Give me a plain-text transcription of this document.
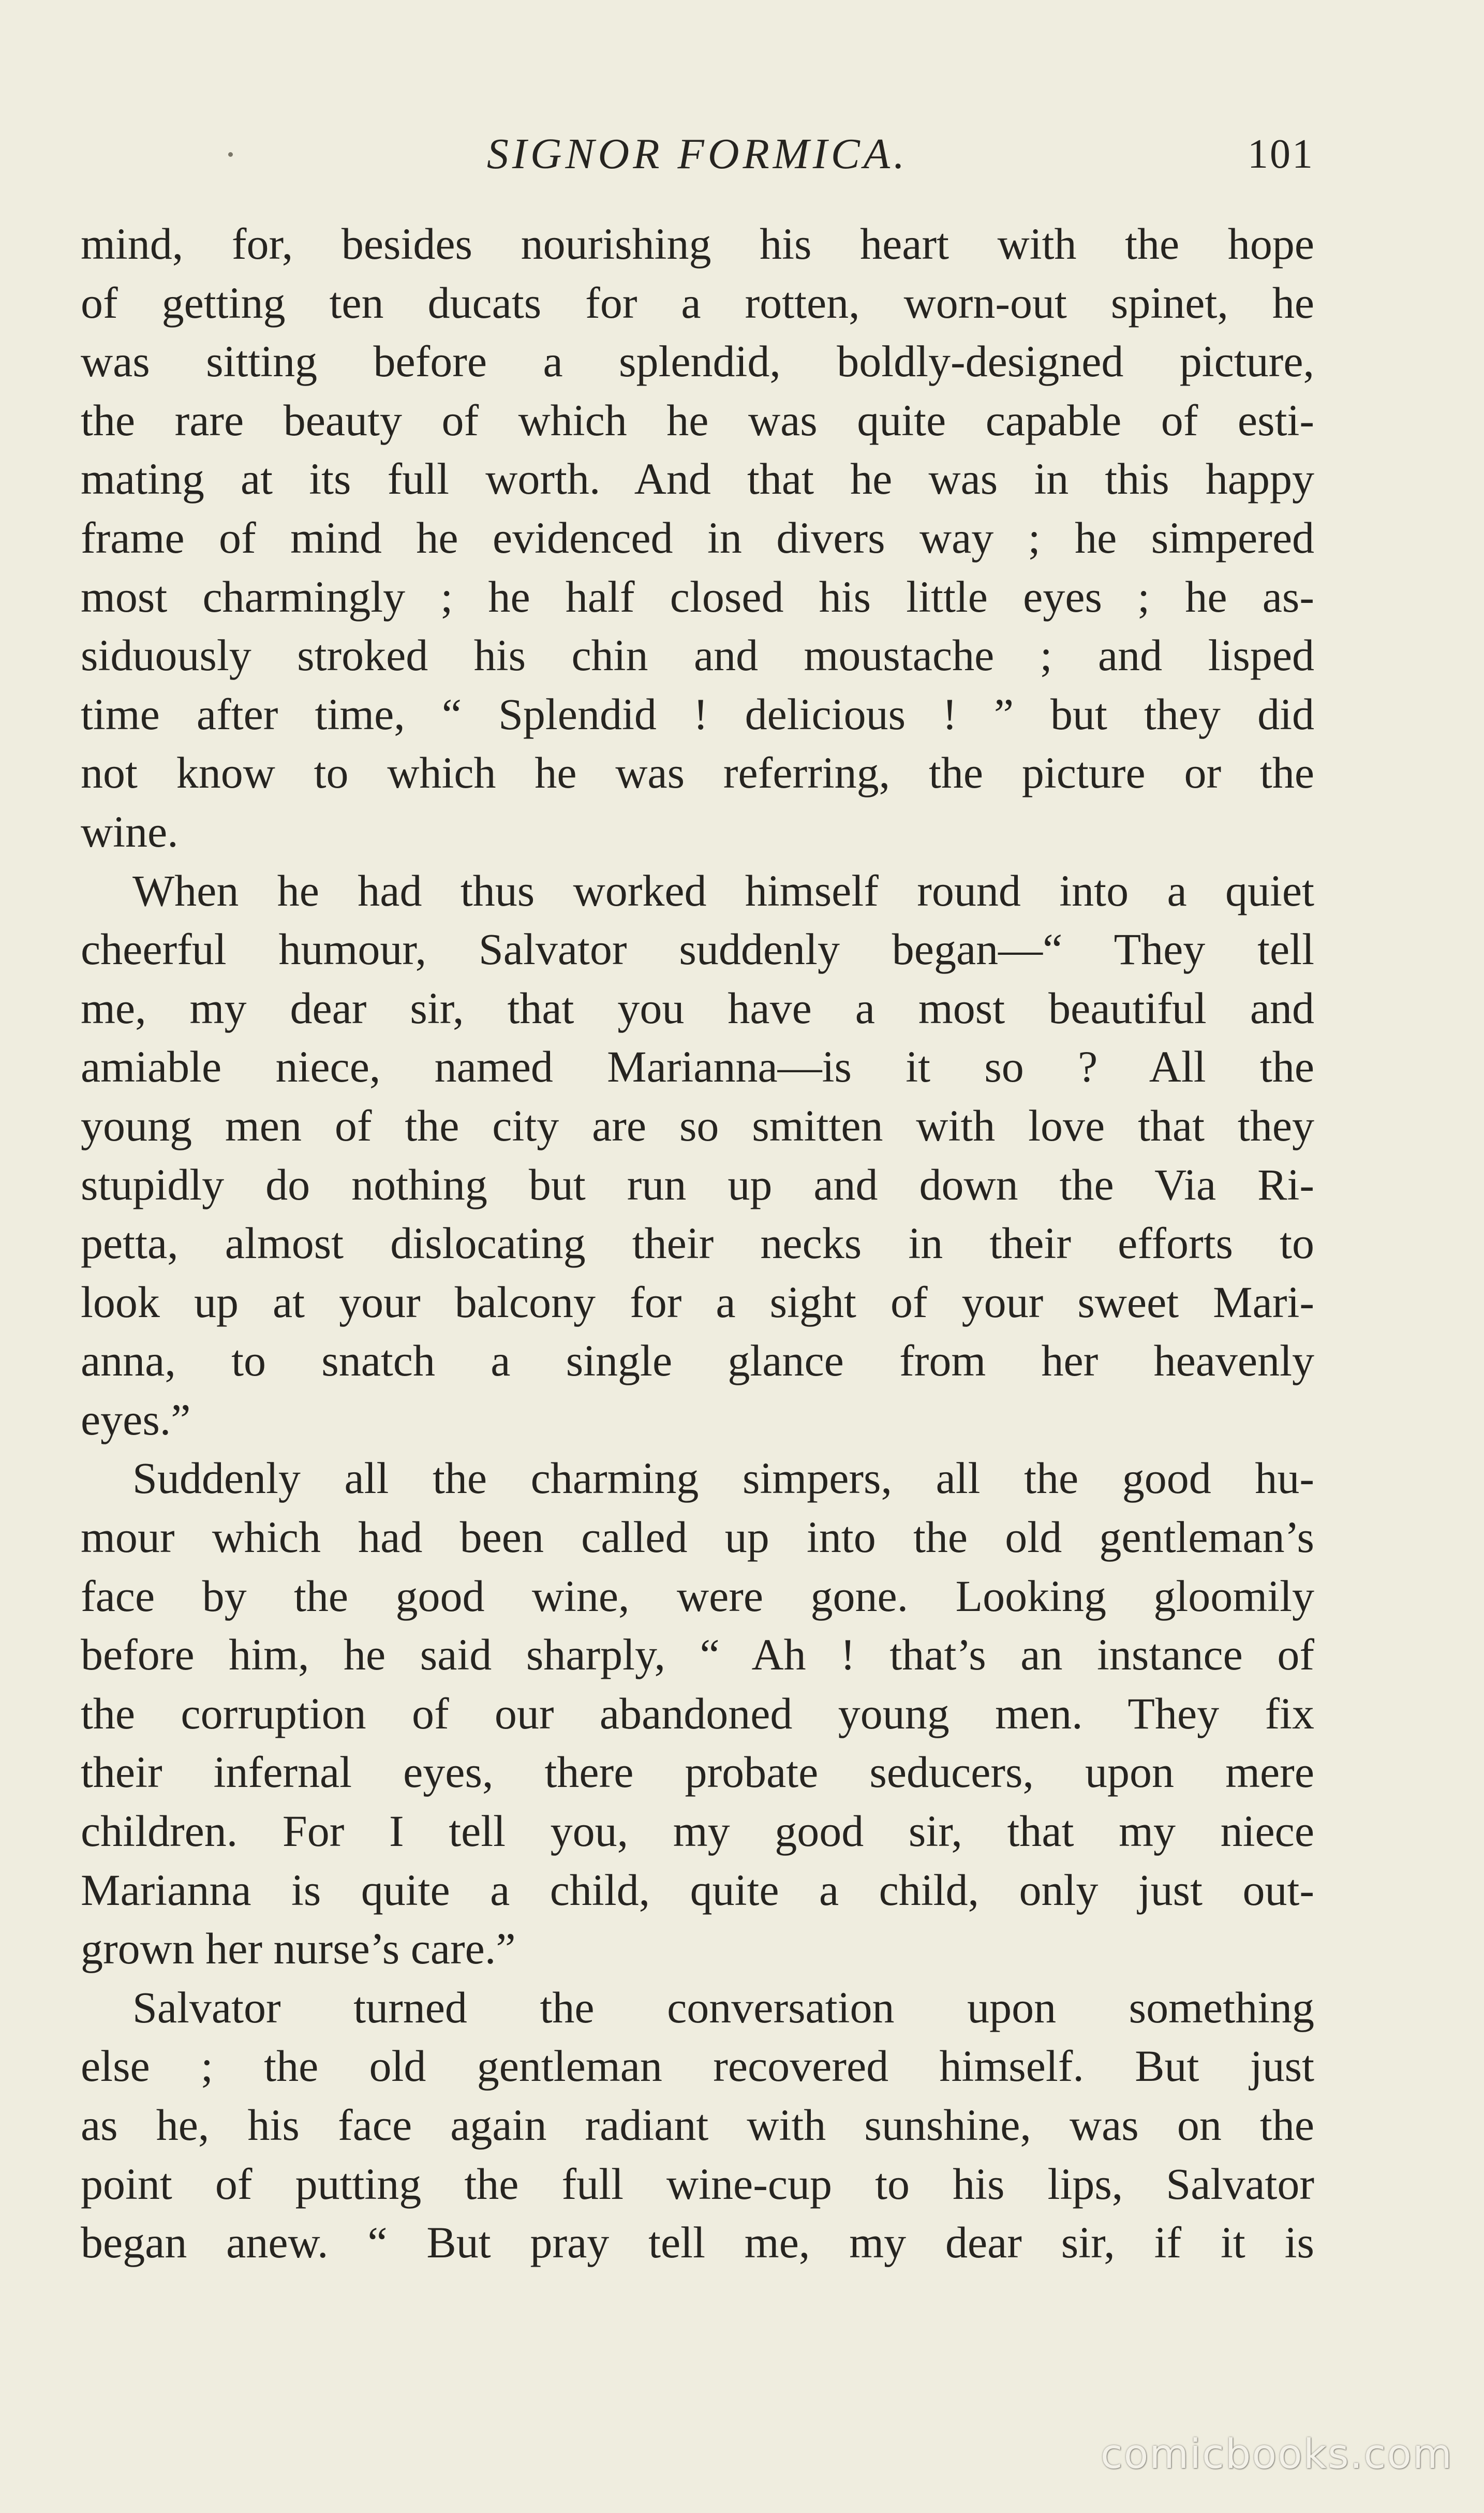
SIGNOR FORMICA.	101
mind, for, besides nourishing his heart with the hope
of getting ten ducats for a rotten, worn-out spinet, he
was sitting before a splendid, boldly-designed picture,
the rare beauty of which he was quite capable of esti-
mating at its full worth. And that he was in this happy
frame of mind he evidenced in divers way ; he simpered
most charmingly ; he half closed his little eyes ; he as-
siduously stroked his chin and moustache ; and lisped
time after time, “ Splendid ! delicious ! ” but they did
not know to which he was referring, the picture or the
wine.
When he had thus worked himself round into a quiet
cheerful humour, Salvator suddenly began—“ They tell
me, my dear sir, that you have a most beautiful and
amiable niece, named Marianna—is it so ? All the
young men of the city are so smitten with love that they
stupidly do nothing but run up and down the Via Ri-
petta, almost dislocating their necks in their efforts to
look up at your balcony for a sight of your sweet Mari-
anna, to snatch a single glance from her heavenly
eyes.”
Suddenly all the charming simpers, all the good hu-
mour which had been called up into the old gentleman’s
face by the good wine, were gone. Looking gloomily
before him, he said sharply, “ Ah ! that’s an instance of
the corruption of our abandoned young men. They fix
their infernal eyes, there probate seducers, upon mere
children. For I tell you, my good sir, that my niece
Marianna is quite a child, quite a child, only just out-
grown her nurse’s care.”
Salvator turned the conversation upon something
else ; the old gentleman recovered himself. But just
as he, his face again radiant with sunshine, was on the
point of putting the full wine-cup to his lips, Salvator
began anew. “ But pray tell me, my dear sir, if it is
comicbooks.com
